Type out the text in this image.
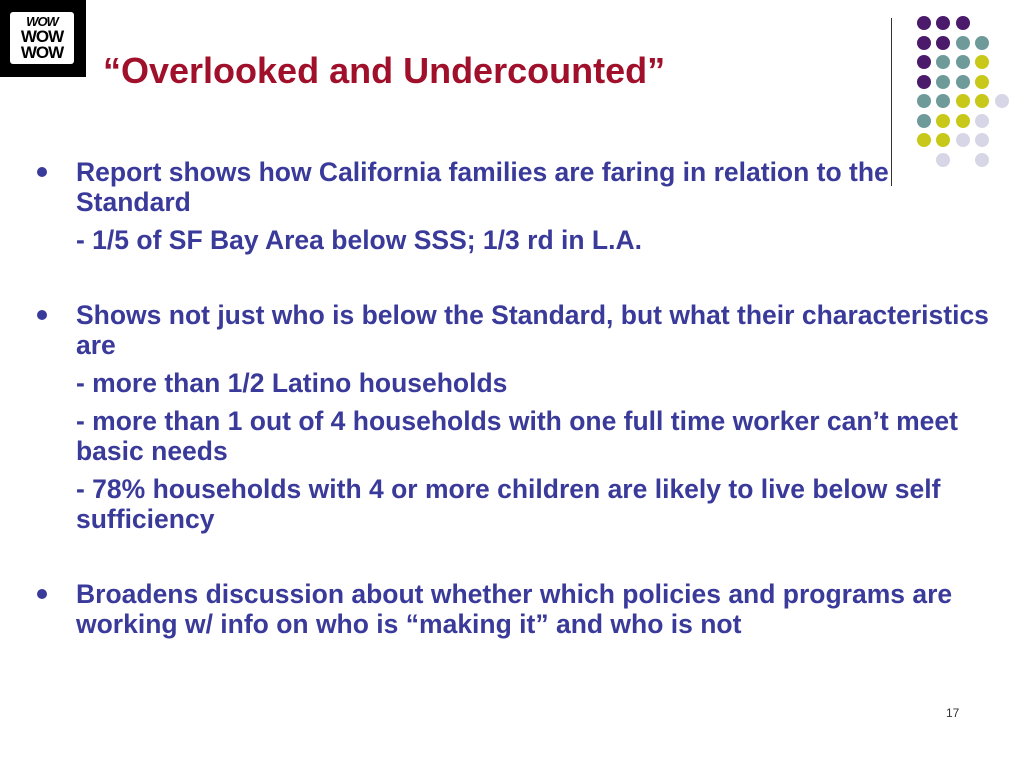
WOW
WOW
WOW “Overlooked and Undercounted”
Report shows how California families are faring in relation to the Standard
- 1/5 of SF Bay Area below SSS; 1/3 rd in L.A.
Shows not just who is below the Standard, but what their characteristics are
- more than 1/2 Latino households
- more than 1 out of 4 households with one full time worker can’t meet basic needs
- 78% households with 4 or more children are likely to live below self sufficiency
Broadens discussion about whether which policies and programs are working w/ info on who is “making it” and who is not
17
